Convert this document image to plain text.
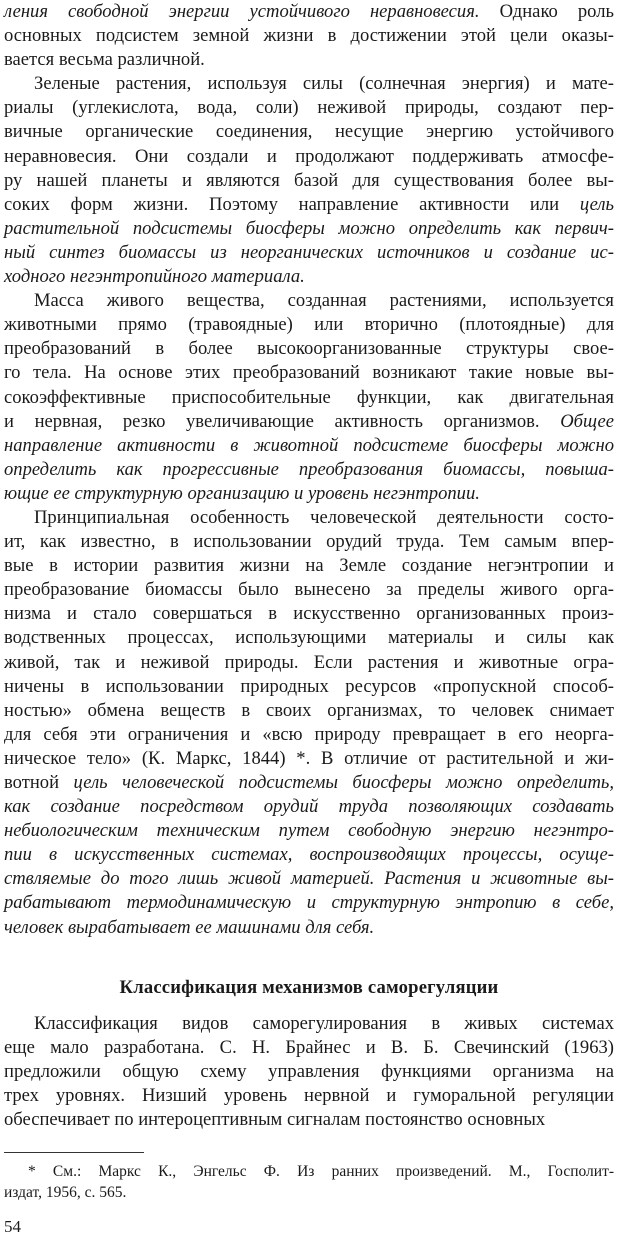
ления свободной энергии устойчивого неравновесия. Однако роль
основных подсистем земной жизни в достижении этой цели оказы-
вается весьма различной.
Зеленые растения, используя силы (солнечная энергия) и мате-
риалы (углекислота, вода, соли) неживой природы, создают пер-
вичные органические соединения, несущие энергию устойчивого
неравновесия. Они создали и продолжают поддерживать атмосфе-
ру нашей планеты и являются базой для существования более вы-
соких форм жизни. Поэтому направление активности или цель
растительной подсистемы биосферы можно определить как первич-
ный синтез биомассы из неорганических источников и создание ис-
ходного негэнтропийного материала.
Масса живого вещества, созданная растениями, используется
животными прямо (травоядные) или вторично (плотоядные) для
преобразований в более высокоорганизованные структуры свое-
го тела. На основе этих преобразований возникают такие новые вы-
сокоэффективные приспособительные функции, как двигательная
и нервная, резко увеличивающие активность организмов. Общее
направление активности в животной подсистеме биосферы можно
определить как прогрессивные преобразования биомассы, повыша-
ющие ее структурную организацию и уровень негэнтропии.
Принципиальная особенность человеческой деятельности состо-
ит, как известно, в использовании орудий труда. Тем самым впер-
вые в истории развития жизни на Земле создание негэнтропии и
преобразование биомассы было вынесено за пределы живого орга-
низма и стало совершаться в искусственно организованных произ-
водственных процессах, использующими материалы и силы как
живой, так и неживой природы. Если растения и животные огра-
ничены в использовании природных ресурсов «пропускной способ-
ностью» обмена веществ в своих организмах, то человек снимает
для себя эти ограничения и «всю природу превращает в его неорга-
ническое тело» (К. Маркс, 1844) *. В отличие от растительной и жи-
вотной цель человеческой подсистемы биосферы можно определить,
как создание посредством орудий труда позволяющих создавать
небиологическим техническим путем свободную энергию негэнтро-
пии в искусственных системах, воспроизводящих процессы, осуще-
ствляемые до того лишь живой материей. Растения и животные вы-
рабатывают термодинамическую и структурную энтропию в себе,
человек вырабатывает ее машинами для себя.
Классификация механизмов саморегуляции
Классификация видов саморегулирования в живых системах
еще мало разработана. С. Н. Брайнес и В. Б. Свечинский (1963)
предложили общую схему управления функциями организма на
трех уровнях. Низший уровень нервной и гуморальной регуляции
обеспечивает по интероцептивным сигналам постоянство основных
* См.: Маркс К., Энгельс Ф. Из ранних произведений. М., Госполит-
издат, 1956, с. 565.
54
